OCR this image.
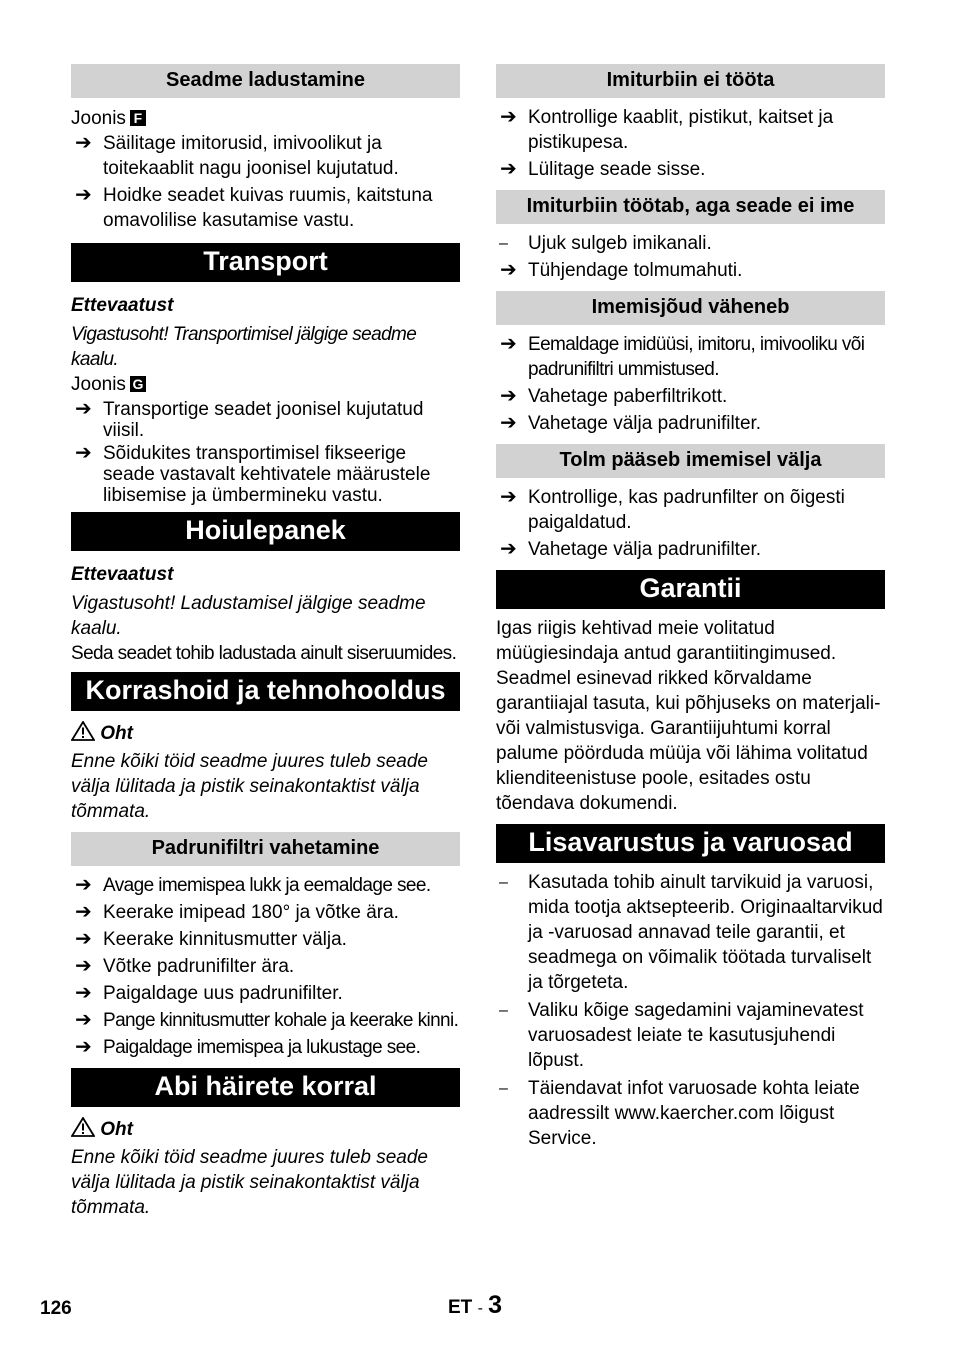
Seadme ladustamine

Joonis F

➔ Säilitage imitorusid, imivoolikut ja toitekaablit nagu joonisel kujutatud.
➔ Hoidke seadet kuivas ruumis, kaitstuna omavolilise kasutamise vastu.
Transport

Ettevaatust

Vigastusoht! Transportimisel jälgige seadme kaalu.

Joonis G

➔ Transportige seadet joonisel kujutatud viisil.
➔ Sõidukites transportimisel fikseerige seade vastavalt kehtivatele määrustele libisemise ja ümbermineku vastu.
Hoiulepanek

Ettevaatust

Vigastusoht! Ladustamisel jälgige seadme kaalu.

Seda seadet tohib ladustada ainult siseruumides.

Korrashoid ja tehnohooldus

Oht

Enne kõiki töid seadme juures tuleb seade välja lülitada ja pistik seinakontaktist välja tõmmata.

Padrunifiltri vahetamine
➔ Avage imemispea lukk ja eemaldage see.
➔ Keerake imipead 180° ja võtke ära.
➔ Keerake kinnitusmutter välja.
➔ Võtke padrunifilter ära.
➔ Paigaldage uus padrunifilter.
➔ Pange kinnitusmutter kohale ja keerake kinni.
➔ Paigaldage imemispea ja lukustage see.
Abi häirete korral

Oht

Enne kõiki töid seadme juures tuleb seade välja lülitada ja pistik seinakontaktist välja tõmmata.

Imiturbiin ei tööta
➔ Kontrollige kaablit, pistikut, kaitset ja pistikupesa.
➔ Lülitage seade sisse.
Imiturbiin töötab, aga seade ei ime
– Ujuk sulgeb imikanali.
➔ Tühjendage tolmumahuti.
Imemisjõud väheneb
➔ Eemaldage imidüüsi, imitoru, imivooliku või padrunifiltri ummistused.
➔ Vahetage paberfiltrikott.
➔ Vahetage välja padrunifilter.
Tolm pääseb imemisel välja
➔ Kontrollige, kas padrunfilter on õigesti paigaldatud.
➔ Vahetage välja padrunifilter.
Garantii

Igas riigis kehtivad meie volitatud müügiesindaja antud garantiitingimused. Seadmel esinevad rikked kõrvaldame garantiiajal tasuta, kui põhjuseks on materjali- või valmistusviga. Garantiijuhtumi korral palume pöörduda müüja või lähima volitatud klienditeenistuse poole, esitades ostu tõendava dokumendi.

Lisavarustus ja varuosad
– Kasutada tohib ainult tarvikuid ja varuosi, mida tootja aktsepteerib. Originaaltarvikud ja -varuosad annavad teile garantii, et seadmega on võimalik töötada turvaliselt ja tõrgeteta.
– Valiku kõige sagedamini vajaminevatest varuosadest leiate te kasutusjuhendi lõpust.
– Täiendavat infot varuosade kohta leiate aadressilt www.kaercher.com lõigust Service.
126	ET - 3
